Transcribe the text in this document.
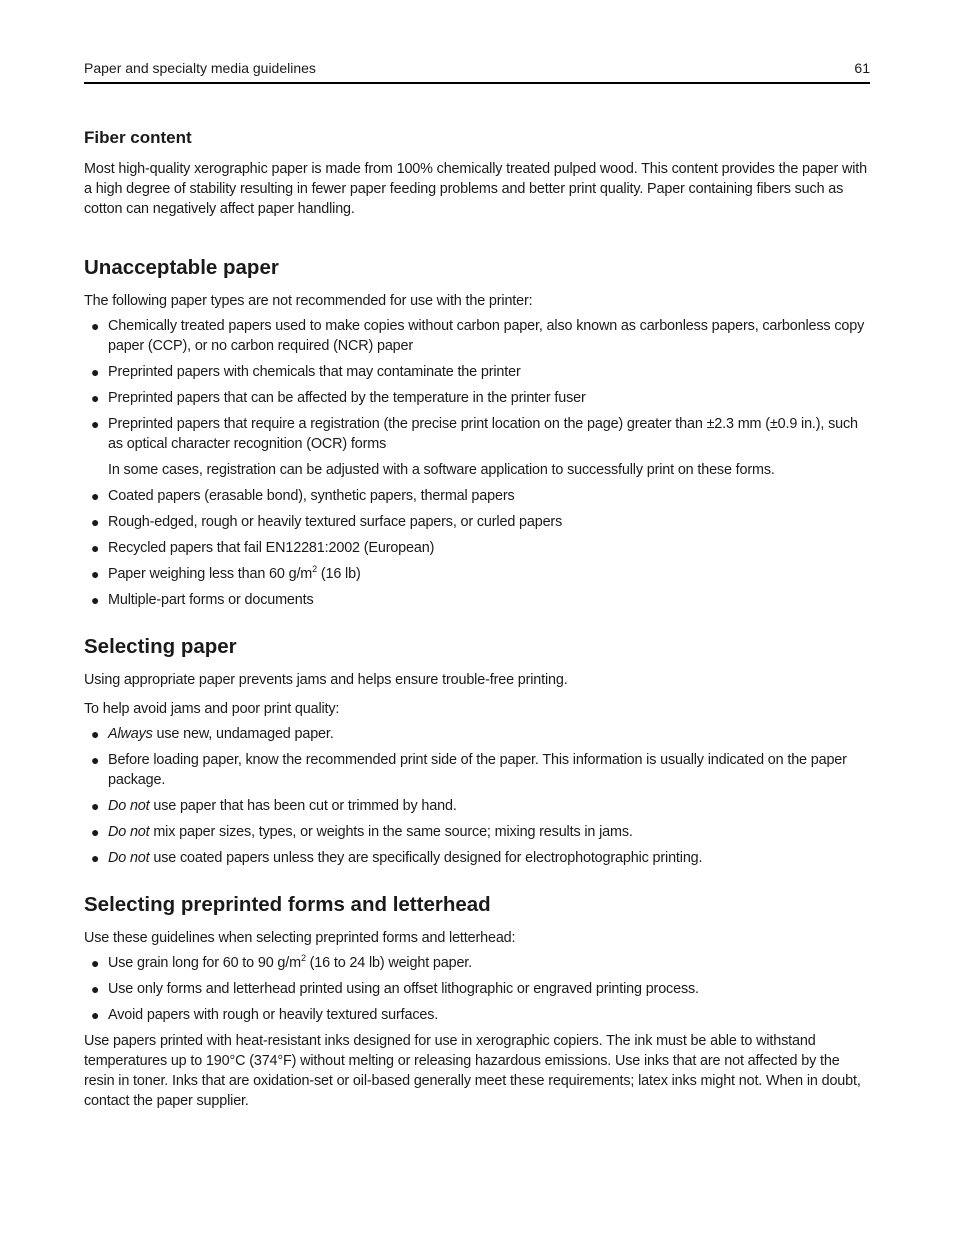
Paper and specialty media guidelines	61
Fiber content

Most high-quality xerographic paper is made from 100% chemically treated pulped wood. This content provides the paper with a high degree of stability resulting in fewer paper feeding problems and better print quality. Paper containing fibers such as cotton can negatively affect paper handling.

Unacceptable paper

The following paper types are not recommended for use with the printer:

● Chemically treated papers used to make copies without carbon paper, also known as carbonless papers, carbonless copy paper (CCP), or no carbon required (NCR) paper
● Preprinted papers with chemicals that may contaminate the printer
● Preprinted papers that can be affected by the temperature in the printer fuser
● Preprinted papers that require a registration (the precise print location on the page) greater than ±2.3 mm (±0.9 in.), such as optical character recognition (OCR) forms

In some cases, registration can be adjusted with a software application to successfully print on these forms.

● Coated papers (erasable bond), synthetic papers, thermal papers
● Rough-edged, rough or heavily textured surface papers, or curled papers
● Recycled papers that fail EN12281:2002 (European)
● Paper weighing less than 60 $g/m^2$ (16 lb)
● Multiple-part forms or documents
Selecting paper

Using appropriate paper prevents jams and helps ensure trouble-free printing.

To help avoid jams and poor print quality:

● Always use new, undamaged paper.
● Before loading paper, know the recommended print side of the paper. This information is usually indicated on the paper package.
● Do not use paper that has been cut or trimmed by hand.
● Do not mix paper sizes, types, or weights in the same source; mixing results in jams.
● Do not use coated papers unless they are specifically designed for electrophotographic printing.
Selecting preprinted forms and letterhead

Use these guidelines when selecting preprinted forms and letterhead:

● Use grain long for 60 to 90 $g/m^2$ (16 to 24 lb) weight paper.
● Use only forms and letterhead printed using an offset lithographic or engraved printing process.
● Avoid papers with rough or heavily textured surfaces.

Use papers printed with heat-resistant inks designed for use in xerographic copiers. The ink must be able to withstand temperatures up to 190°C (374°F) without melting or releasing hazardous emissions. Use inks that are not affected by the resin in toner. Inks that are oxidation-set or oil-based generally meet these requirements; latex inks might not. When in doubt, contact the paper supplier.
